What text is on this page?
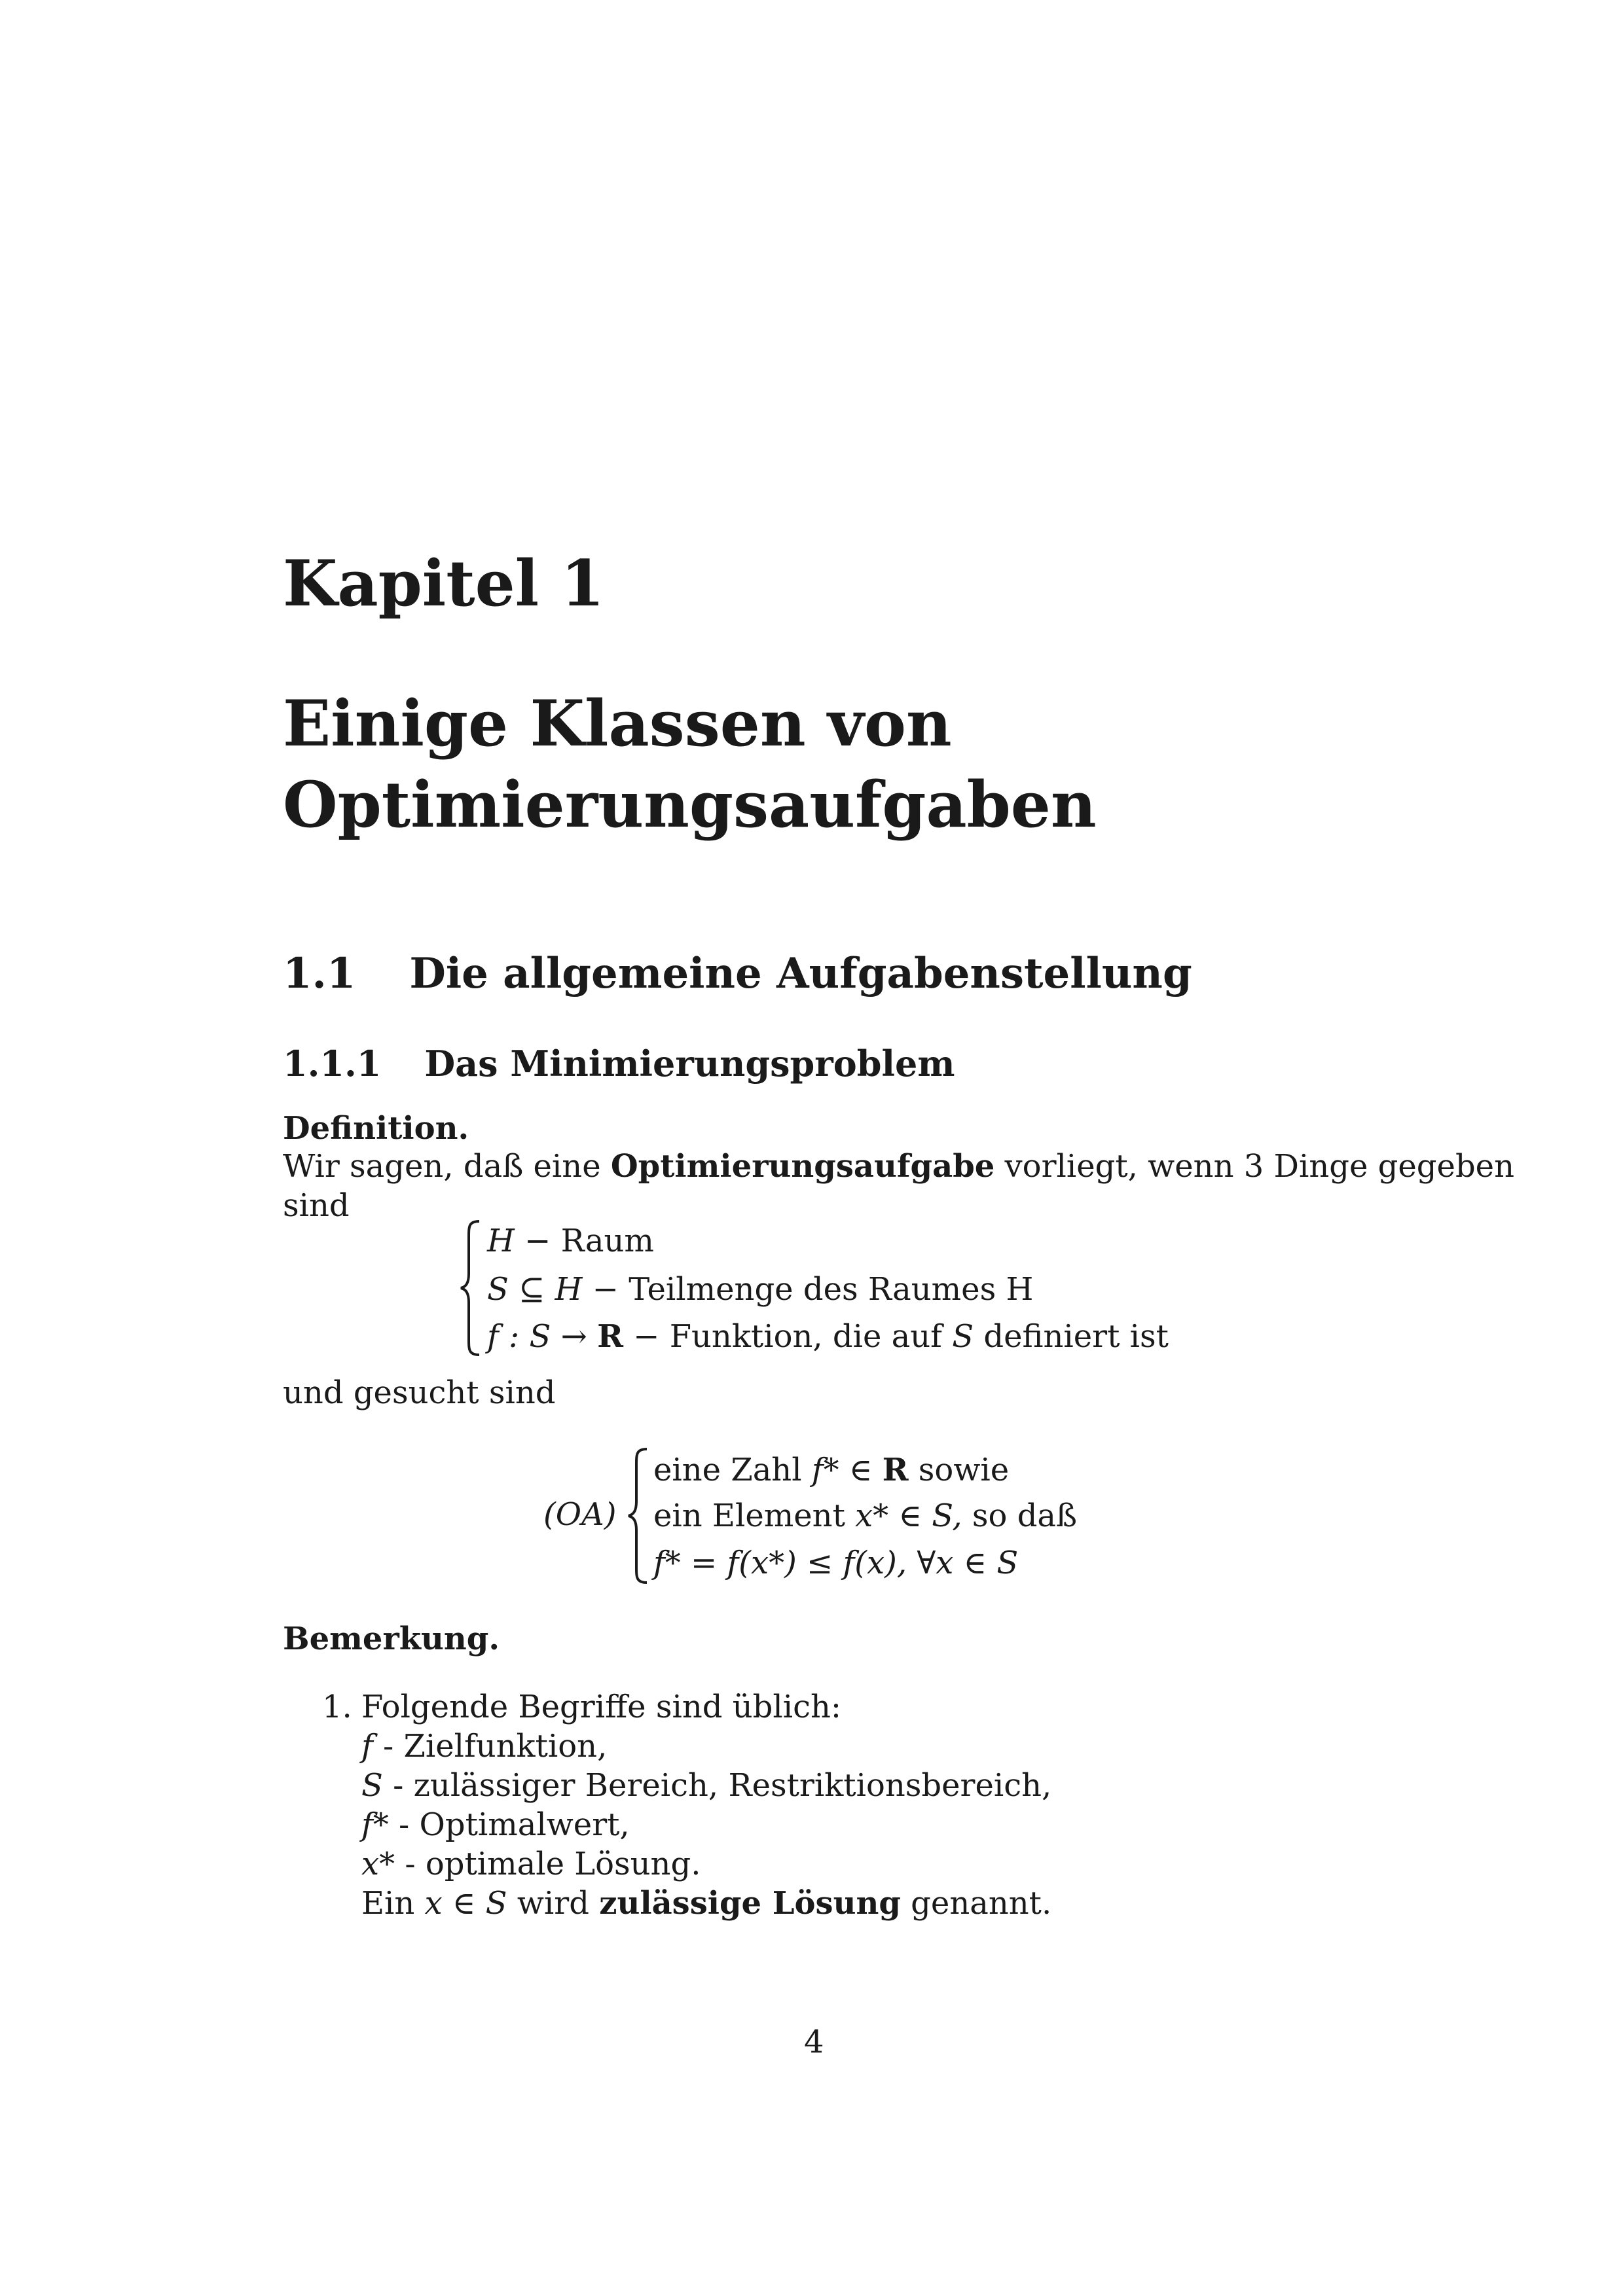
Kapitel 1
Einige Klassen von
Optimierungsaufgaben
1.1 Die allgemeine Aufgabenstellung
1.1.1 Das Minimierungsproblem
Definition.
Wir sagen, daß eine Optimierungsaufgabe vorliegt, wenn 3 Dinge gegeben
sind
H − Raum
S ⊆ H − Teilmenge des Raumes H
f : S → R − Funktion, die auf S definiert ist
und gesucht sind
(OA)
eine Zahl f* ∈ R sowie
ein Element x* ∈ S, so daß
f* = f(x*) ≤ f(x), ∀x ∈ S
Bemerkung.
1. Folgende Begriffe sind üblich:
f - Zielfunktion,
S - zulässiger Bereich, Restriktionsbereich,
f* - Optimalwert,
x* - optimale Lösung.
Ein x ∈ S wird zulässige Lösung genannt.
4
